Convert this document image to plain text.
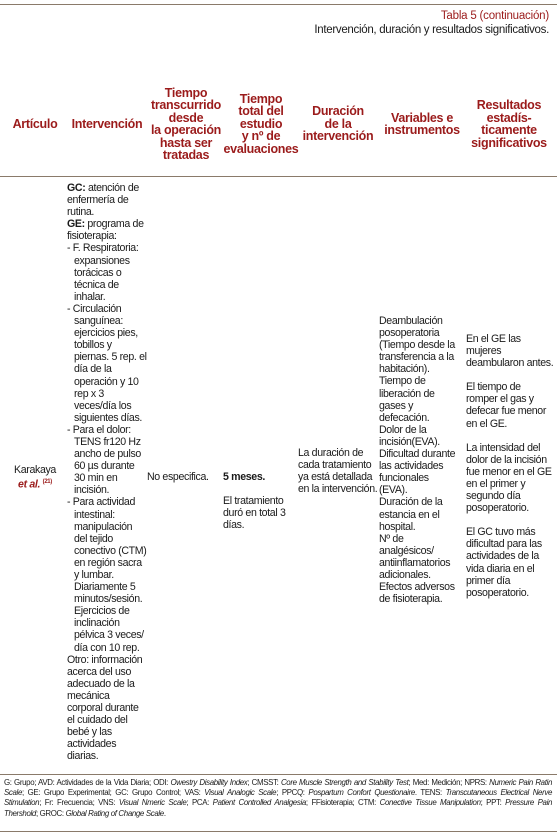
Tabla 5 (continuación)
Intervención, duración y resultados significativos.
Artículo Intervención
Tiempo
transcurrido
desde
la operación
hasta ser
tratadas
Tiempo
total del
estudio
y nº de
evaluaciones
Duración
de la
intervención
Variables e
instrumentos
Resultados
estadís-
ticamente
significativos
Karakaya
et al. $^{(21)}$

GC: atención de enfermería de rutina.

GE: programa de fisioterapia:

- F. Respiratoria: expansiones torácicas o técnica de inhalar.

- Circulación sanguínea: ejercicios pies, tobillos y piernas. 5 rep. el día de la operación y 10 rep x 3 veces/día los siguientes días.

- Para el dolor: TENS fr120 Hz ancho de pulso 60 µs durante 30 min en incisión.

- Para actividad intestinal: manipulación del tejido conectivo (CTM) en región sacra y lumbar. Diariamente 5 minutos/sesión. Ejercicios de inclinación pélvica 3 veces/ día con 10 rep.

Otro: información acerca del uso adecuado de la mecánica corporal durante el cuidado del bebé y las actividades diarias.

No especifica.	5 meses.

El tratamiento duró en total 3 días.

La duración de cada tratamiento ya está detallada en la intervención.

Deambulación posoperatoria (Tiempo desde la transferencia a la habitación).

Tiempo de liberación de gases y defecación.

Dolor de la incisión(EVA).

Dificultad durante las actividades funcionales (EVA).

Duración de la estancia en el hospital.

Nº de analgésicos/ antiinflamatorios adicionales.

Efectos adversos de fisioterapia.

En el GE las mujeres deambularon antes.

El tiempo de romper el gas y defecar fue menor en el GE.

La intensidad del dolor de la incisión fue menor en el GE en el primer y segundo día posoperatorio.

El GC tuvo más dificultad para las actividades de la vida diaria en el primer día posoperatorio.

G: Grupo; AVD: Actividades de la Vida Diaria; ODI: Owestry Disability Index; CMSST: Core Muscle Strength and Stability Test; Med: Medición; NPRS: Numeric Pain Ratin Scale; GE: Grupo Experimental; GC: Grupo Control; VAS: Visual Analogic Scale; PPCQ: Pospartum Confort Questionaire. TENS: Transcutaneous Electrical Nerve Stimulation; Fr: Frecuencia; VNS: Visual Nmeric Scale; PCA: Patient Controlled Analgesia; FFisioterapia; CTM: Conective Tissue Manipulation; PPT: Pressure Pain Thershold; GROC: Global Rating of Change Scale.
